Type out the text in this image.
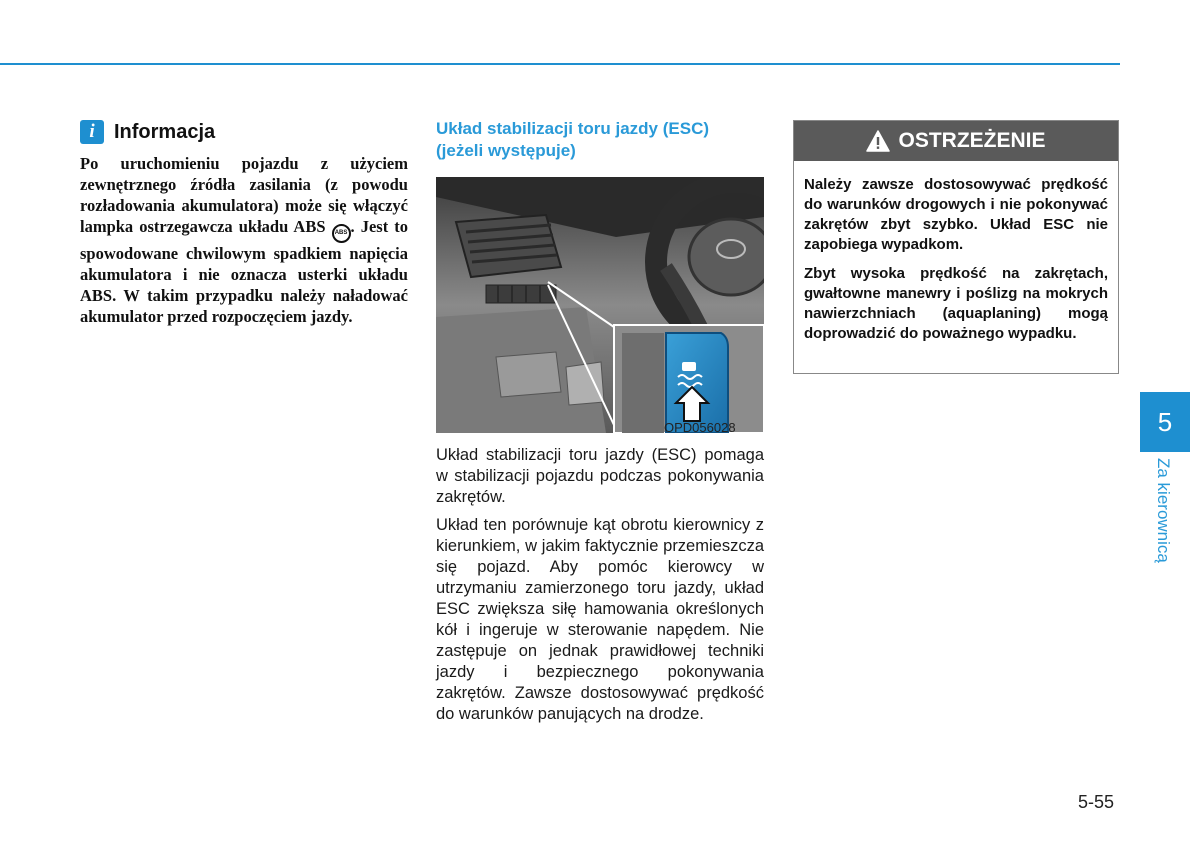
i Informacja

Po uruchomieniu pojazdu z użyciem zewnętrznego źródła zasilania (z powodu rozładowania akumulatora) może się włączyć lampka ostrzegawcza układu ABS ABS . Jest to spowodowane chwilowym spadkiem napięcia akumulatora i nie oznacza usterki układu ABS. W takim przypadku należy naładować akumulator przed rozpoczęciem jazdy.

Układ stabilizacji toru jazdy (ESC)
(jeżeli występuje)
OPD056028

Układ stabilizacji toru jazdy (ESC) pomaga w stabilizacji pojazdu podczas pokonywania zakrętów.

Układ ten porównuje kąt obrotu kierownicy z kierunkiem, w jakim faktycznie przemieszcza się pojazd. Aby pomóc kierowcy w utrzymaniu zamierzonego toru jazdy, układ ESC zwiększa siłę hamowania określonych kół i ingeruje w sterowanie napędem. Nie zastępuje on jednak prawidłowej techniki jazdy i bezpiecznego pokonywania zakrętów. Zawsze dostosowywać prędkość do warunków panujących na drodze.

OSTRZEŻENIE

Należy zawsze dostosowywać prędkość do warunków drogowych i nie pokonywać zakrętów zbyt szybko. Układ ESC nie zapobiega wypadkom.

Zbyt wysoka prędkość na zakrętach, gwałtowne manewry i poślizg na mokrych nawierzchniach (aquaplaning) mogą doprowadzić do poważnego wypadku.

5
Za kierownicą
5-55
